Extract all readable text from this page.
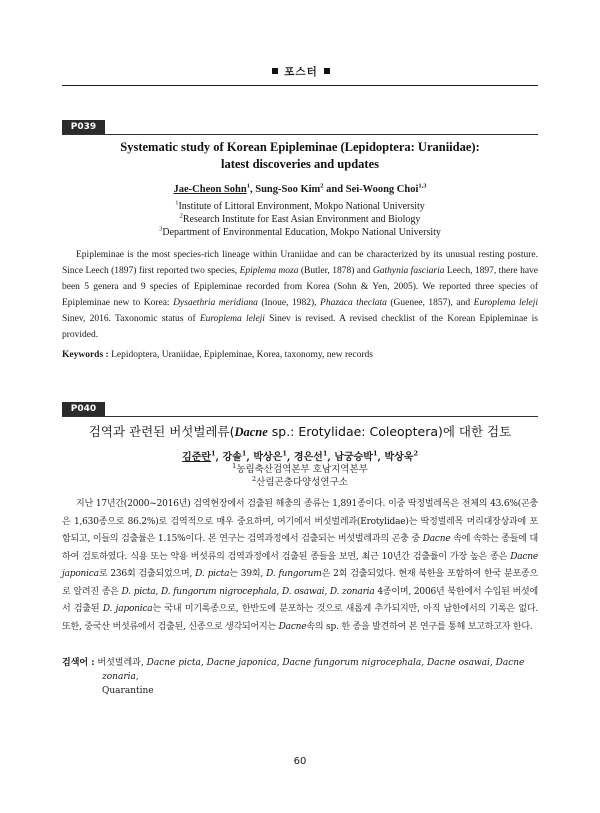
포스터
P039
Systematic study of Korean Epipleminae (Lepidoptera: Uraniidae):
latest discoveries and updates
Jae-Cheon Sohn$^1$, Sung-Soo Kim$^2$ and Sei-Woong Choi$^{1,3}$
$^1$Institute of Littoral Environment, Mokpo National University
$^2$Research Institute for East Asian Environment and Biology
$^3$Department of Environmental Education, Mokpo National University

Epipleminae is the most species-rich lineage within Uraniidae and can be characterized by its unusual resting posture. Since Leech (1897) first reported two species, Epiplema moza (Butler, 1878) and Gathynia fasciaria Leech, 1897, there have been 5 genera and 9 species of Epipleminae recorded from Korea (Sohn & Yen, 2005). We reported three species of Epipleminae new to Korea: Dysaethria meridiana (Inoue, 1982), Phazaca theclata (Guenee, 1857), and Europlema leleji Sinev, 2016. Taxonomic status of Europlema leleji Sinev is revised. A revised checklist of the Korean Epipleminae is provided.

Keywords : Lepidoptera, Uraniidae, Epipleminae, Korea, taxonomy, new records
P040
검역과 관련된 버섯벌레류(Dacne sp.: Erotylidae: Coleoptera)에 대한 검토
김준란$^1$, 강솔$^1$, 박상은$^1$, 경은선$^1$, 남궁승박$^1$, 박상욱$^2$
$^1$농림축산검역본부 호남지역본부
$^2$산림곤충다양성연구소

지난 17년간(2000~2016년) 검역현장에서 검출된 해충의 종류는 1,891종이다. 이중 딱정벌레목은 전체의 43.6%(곤충은 1,630종으로 86.2%)로 검역적으로 매우 중요하며, 여기에서 버섯벌레과(Erotylidae)는 딱정벌레목 머리대장상과에 포함되고, 이들의 검출률은 1.15%이다. 본 연구는 검역과정에서 검출되는 버섯벌레과의 곤충 중 Dacne 속에 속하는 종들에 대하여 검토하였다. 식용 또는 약용 버섯류의 검역과정에서 검출된 종들을 보면, 최근 10년간 검출률이 가장 높은 종은 Dacne japonica로 236회 검출되었으며, D. picta는 39회, D. fungorum은 2회 검출되었다. 현재 북한을 포함하여 한국 분포종으로 알려진 종은 D. picta, D. fungorum nigrocephala, D. osawai, D. zonaria 4종이며, 2006년 북한에서 수입된 버섯에서 검출된 D. japonica는 국내 미기록종으로, 한반도에 분포하는 것으로 새롭게 추가되지만, 아직 남한에서의 기록은 없다. 또한, 중국산 버섯류에서 검출된, 신종으로 생각되어지는 Dacne속의 sp. 한 종을 발견하여 본 연구를 통해 보고하고자 한다.

검색어 : 버섯벌레과, Dacne picta, Dacne japonica, Dacne fungorum nigrocephala, Dacne osawai, Dacne zonaria,
Quarantine
60
